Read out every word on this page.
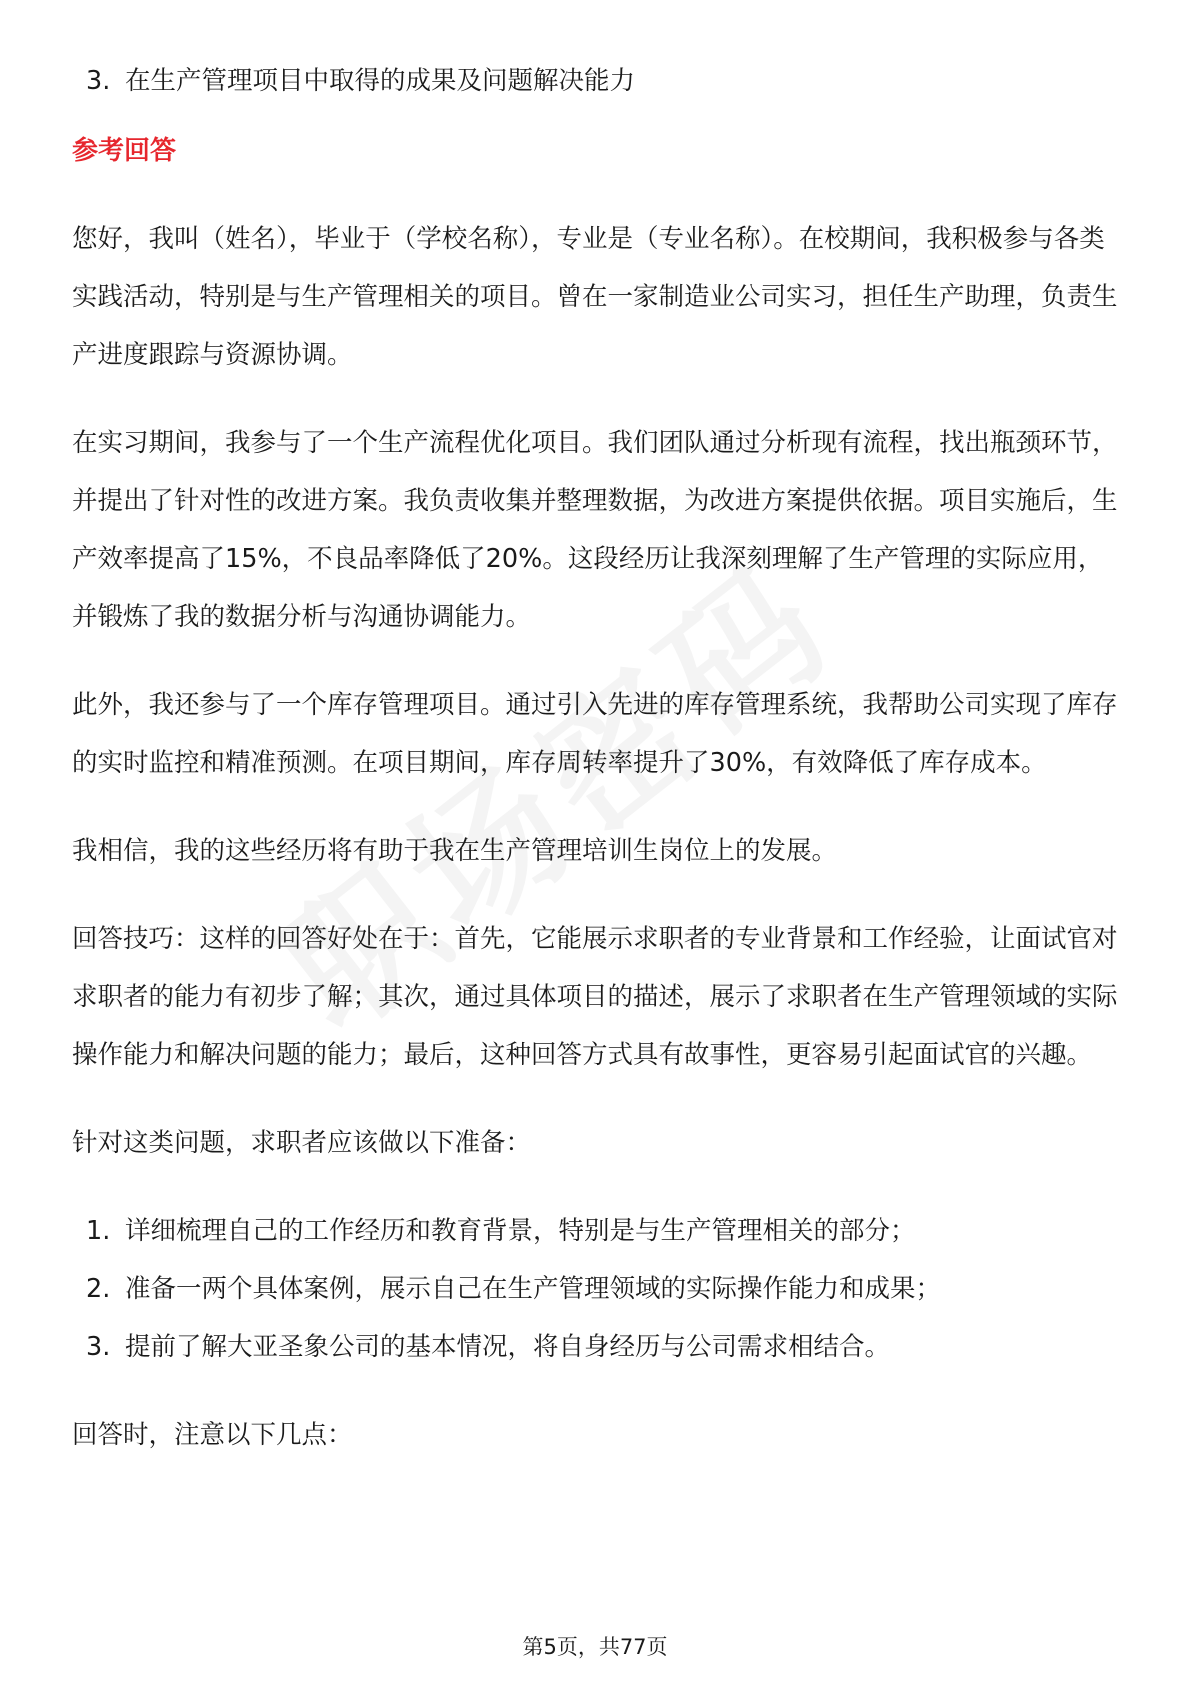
3. 在生产管理项目中取得的成果及问题解决能力
参考回答

您好，我叫（姓名），毕业于（学校名称），专业是（专业名称）。在校期间，我积极参与各类实践活动，特别是与生产管理相关的项目。曾在一家制造业公司实习，担任生产助理，负责生产进度跟踪与资源协调。

在实习期间，我参与了一个生产流程优化项目。我们团队通过分析现有流程，找出瓶颈环节，并提出了针对性的改进方案。我负责收集并整理数据，为改进方案提供依据。项目实施后，生产效率提高了15%，不良品率降低了20%。这段经历让我深刻理解了生产管理的实际应用，并锻炼了我的数据分析与沟通协调能力。

此外，我还参与了一个库存管理项目。通过引入先进的库存管理系统，我帮助公司实现了库存的实时监控和精准预测。在项目期间，库存周转率提升了30%，有效降低了库存成本。

我相信，我的这些经历将有助于我在生产管理培训生岗位上的发展。

回答技巧：这样的回答好处在于：首先，它能展示求职者的专业背景和工作经验，让面试官对求职者的能力有初步了解；其次，通过具体项目的描述，展示了求职者在生产管理领域的实际操作能力和解决问题的能力；最后，这种回答方式具有故事性，更容易引起面试官的兴趣。

针对这类问题，求职者应该做以下准备：

1. 详细梳理自己的工作经历和教育背景，特别是与生产管理相关的部分；
2. 准备一两个具体案例，展示自己在生产管理领域的实际操作能力和成果；
3. 提前了解大亚圣象公司的基本情况，将自身经历与公司需求相结合。

回答时，注意以下几点：

第5页，共77页
